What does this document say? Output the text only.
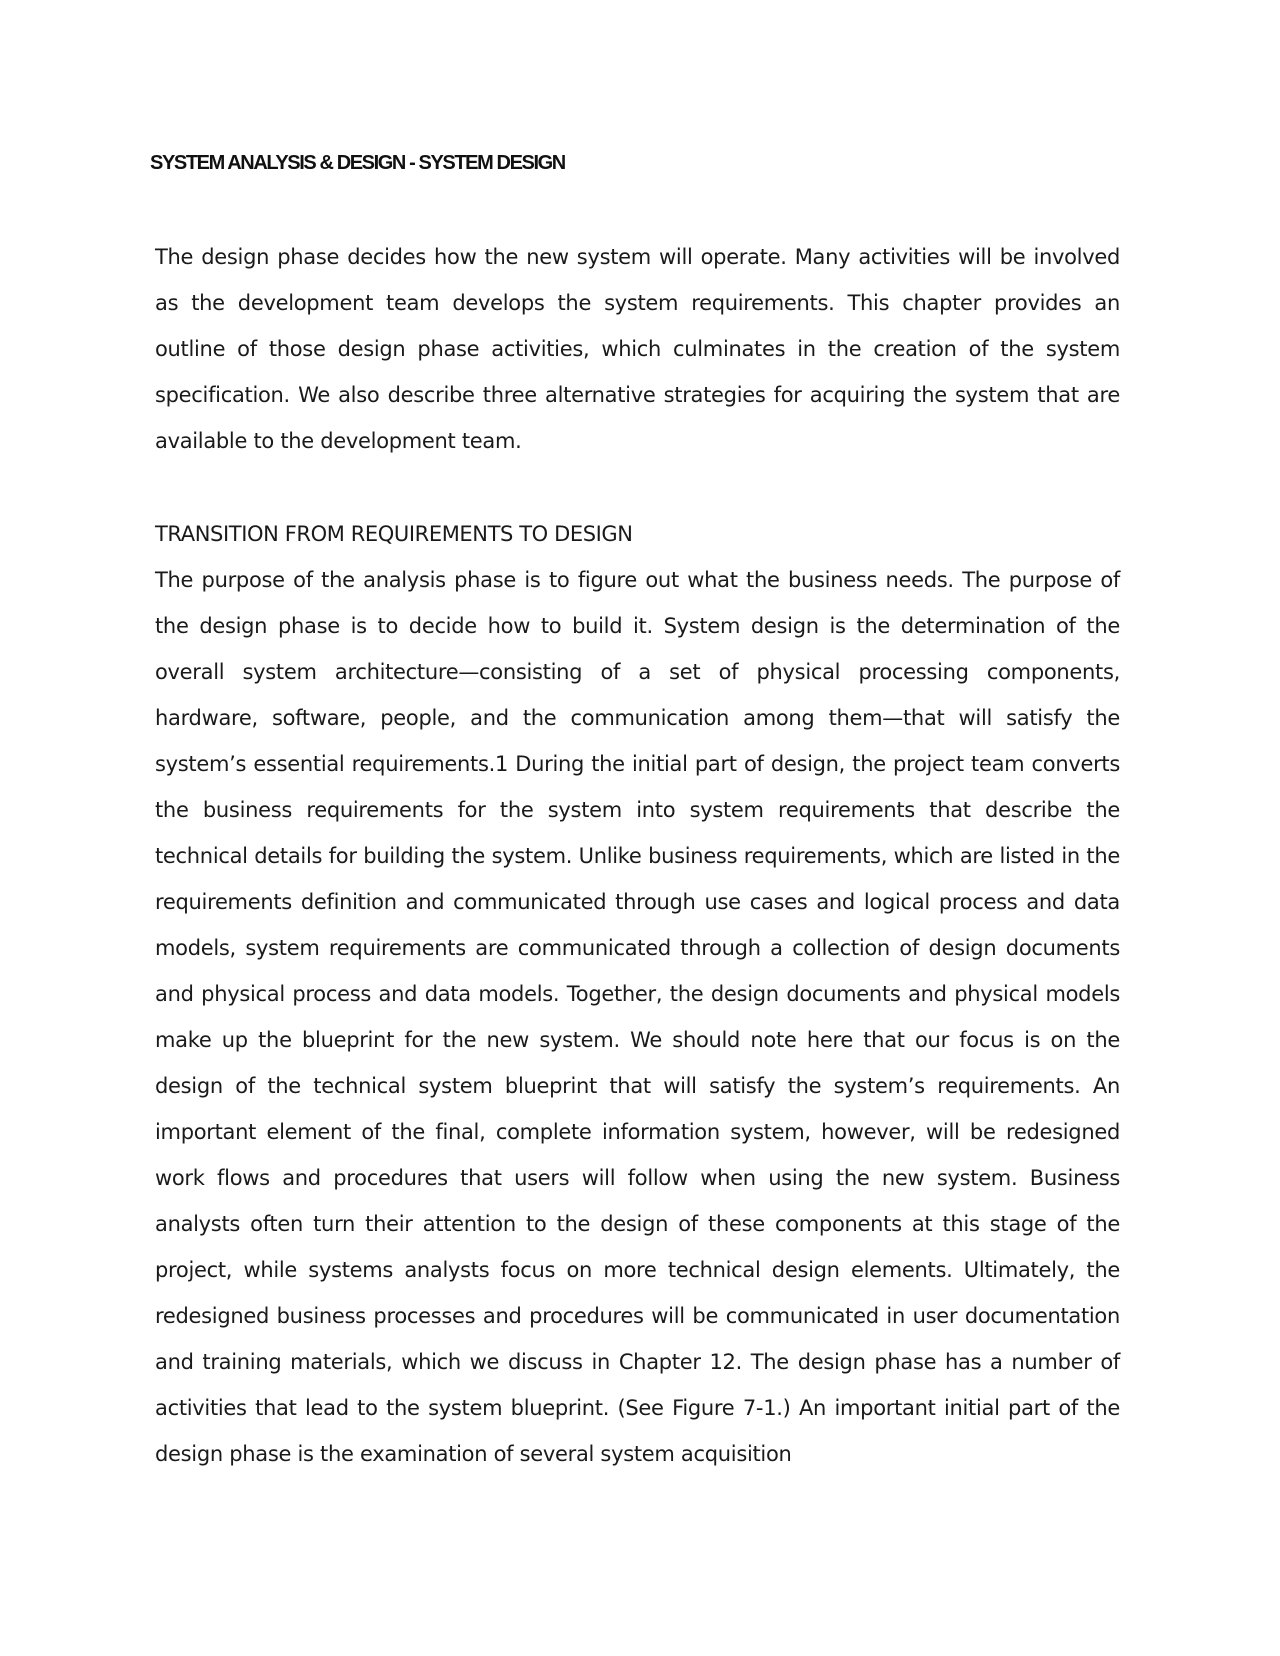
SYSTEM ANALYSIS & DESIGN - SYSTEM DESIGN

The design phase decides how the new system will operate. Many activities will be involved as the development team develops the system requirements. This chapter provides an outline of those design phase activities, which culminates in the creation of the system specification. We also describe three alternative strategies for acquiring the system that are available to the development team.

TRANSITION FROM REQUIREMENTS TO DESIGN

The purpose of the analysis phase is to figure out what the business needs. The purpose of the design phase is to decide how to build it. System design is the determination of the overall system architecture—consisting of a set of physical processing components, hardware, software, people, and the communication among them—that will satisfy the system’s essential requirements.1 During the initial part of design, the project team converts the business requirements for the system into system requirements that describe the technical details for building the system. Unlike business requirements, which are listed in the requirements definition and communicated through use cases and logical process and data models, system requirements are communicated through a collection of design documents and physical process and data models. Together, the design documents and physical models make up the blueprint for the new system. We should note here that our focus is on the design of the technical system blueprint that will satisfy the system’s requirements. An important element of the final, complete information system, however, will be redesigned work flows and procedures that users will follow when using the new system. Business analysts often turn their attention to the design of these components at this stage of the project, while systems analysts focus on more technical design elements. Ultimately, the redesigned business processes and procedures will be communicated in user documentation and training materials, which we discuss in Chapter 12. The design phase has a number of activities that lead to the system blueprint. (See Figure 7-1.) An important initial part of the design phase is the examination of several system acquisition
